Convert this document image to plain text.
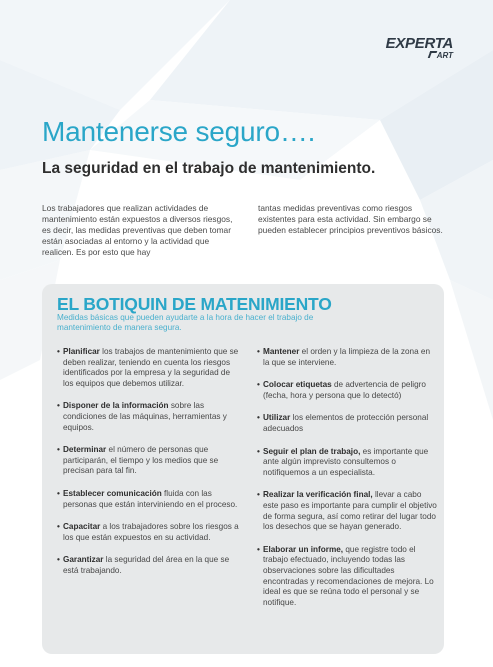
EXPERTA
ART
Mantenerse seguro….
La seguridad en el trabajo de mantenimiento.

Los trabajadores que realizan actividades de mantenimiento están expuestos a diversos riesgos, es decir, las medidas preventivas que deben tomar están asociadas al entorno y la actividad que realicen. Es por esto que hay

tantas medidas preventivas como riesgos existentes para esta actividad. Sin embargo se pueden establecer principios preventivos básicos.

EL BOTIQUIN DE MATENIMIENTO

Medidas básicas que pueden ayudarte a la hora de hacer el trabajo de mantenimiento de manera segura.

• Planificar los trabajos de mantenimiento que se deben realizar, teniendo en cuenta los riesgos identificados por la empresa y la seguridad de los equipos que debemos utilizar.
• Disponer de la información sobre las condiciones de las máquinas, herramientas y equipos.
• Determinar el número de personas que participarán, el tiempo y los medios que se precisan para tal fin.
• Establecer comunicación fluida con las personas que están interviniendo en el proceso.
• Capacitar a los trabajadores sobre los riesgos a los que están expuestos en su actividad.
• Garantizar la seguridad del área en la que se está trabajando.
• Mantener el orden y la limpieza de la zona en la que se interviene.
• Colocar etiquetas de advertencia de peligro (fecha, hora y persona que lo detectó)
• Utilizar los elementos de protección personal adecuados
• Seguir el plan de trabajo, es importante que ante algún imprevisto consultemos o notifiquemos a un especialista.
• Realizar la verificación final, llevar a cabo este paso es importante para cumplir el objetivo de forma segura, así como retirar del lugar todo los desechos que se hayan generado.
• Elaborar un informe, que registre todo el trabajo efectuado, incluyendo todas las observaciones sobre las dificultades encontradas y recomendaciones de mejora. Lo ideal es que se reúna todo el personal y se notifique.
